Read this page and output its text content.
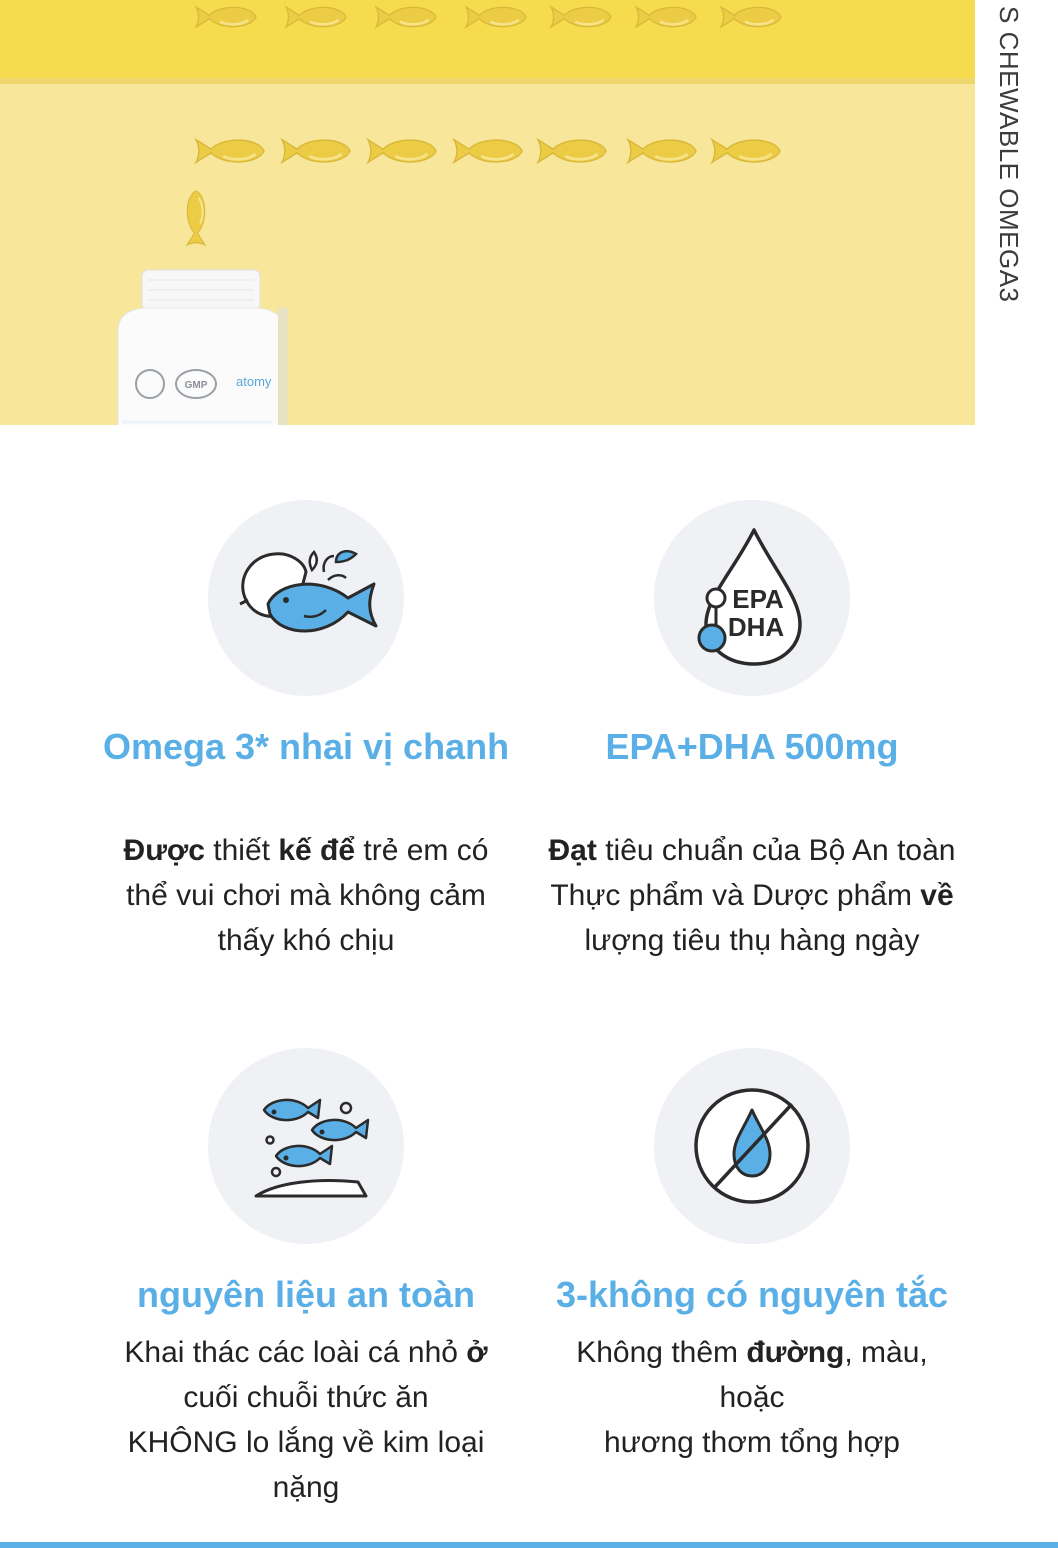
GMP atomy
S CHEWABLE OMEGA3
Omega 3* nhai vị chanh
Được thiết kế để trẻ em có
thể vui chơi mà không cảm
thấy khó chịu
EPA
DHA
EPA+DHA 500mg
Đạt tiêu chuẩn của Bộ An toàn
Thực phẩm và Dược phẩm về
lượng tiêu thụ hàng ngày
nguyên liệu an toàn
Khai thác các loài cá nhỏ ở
cuối chuỗi thức ăn
KHÔNG lo lắng về kim loại
nặng
3-không có nguyên tắc
Không thêm đường, màu,
hoặc
hương thơm tổng hợp
